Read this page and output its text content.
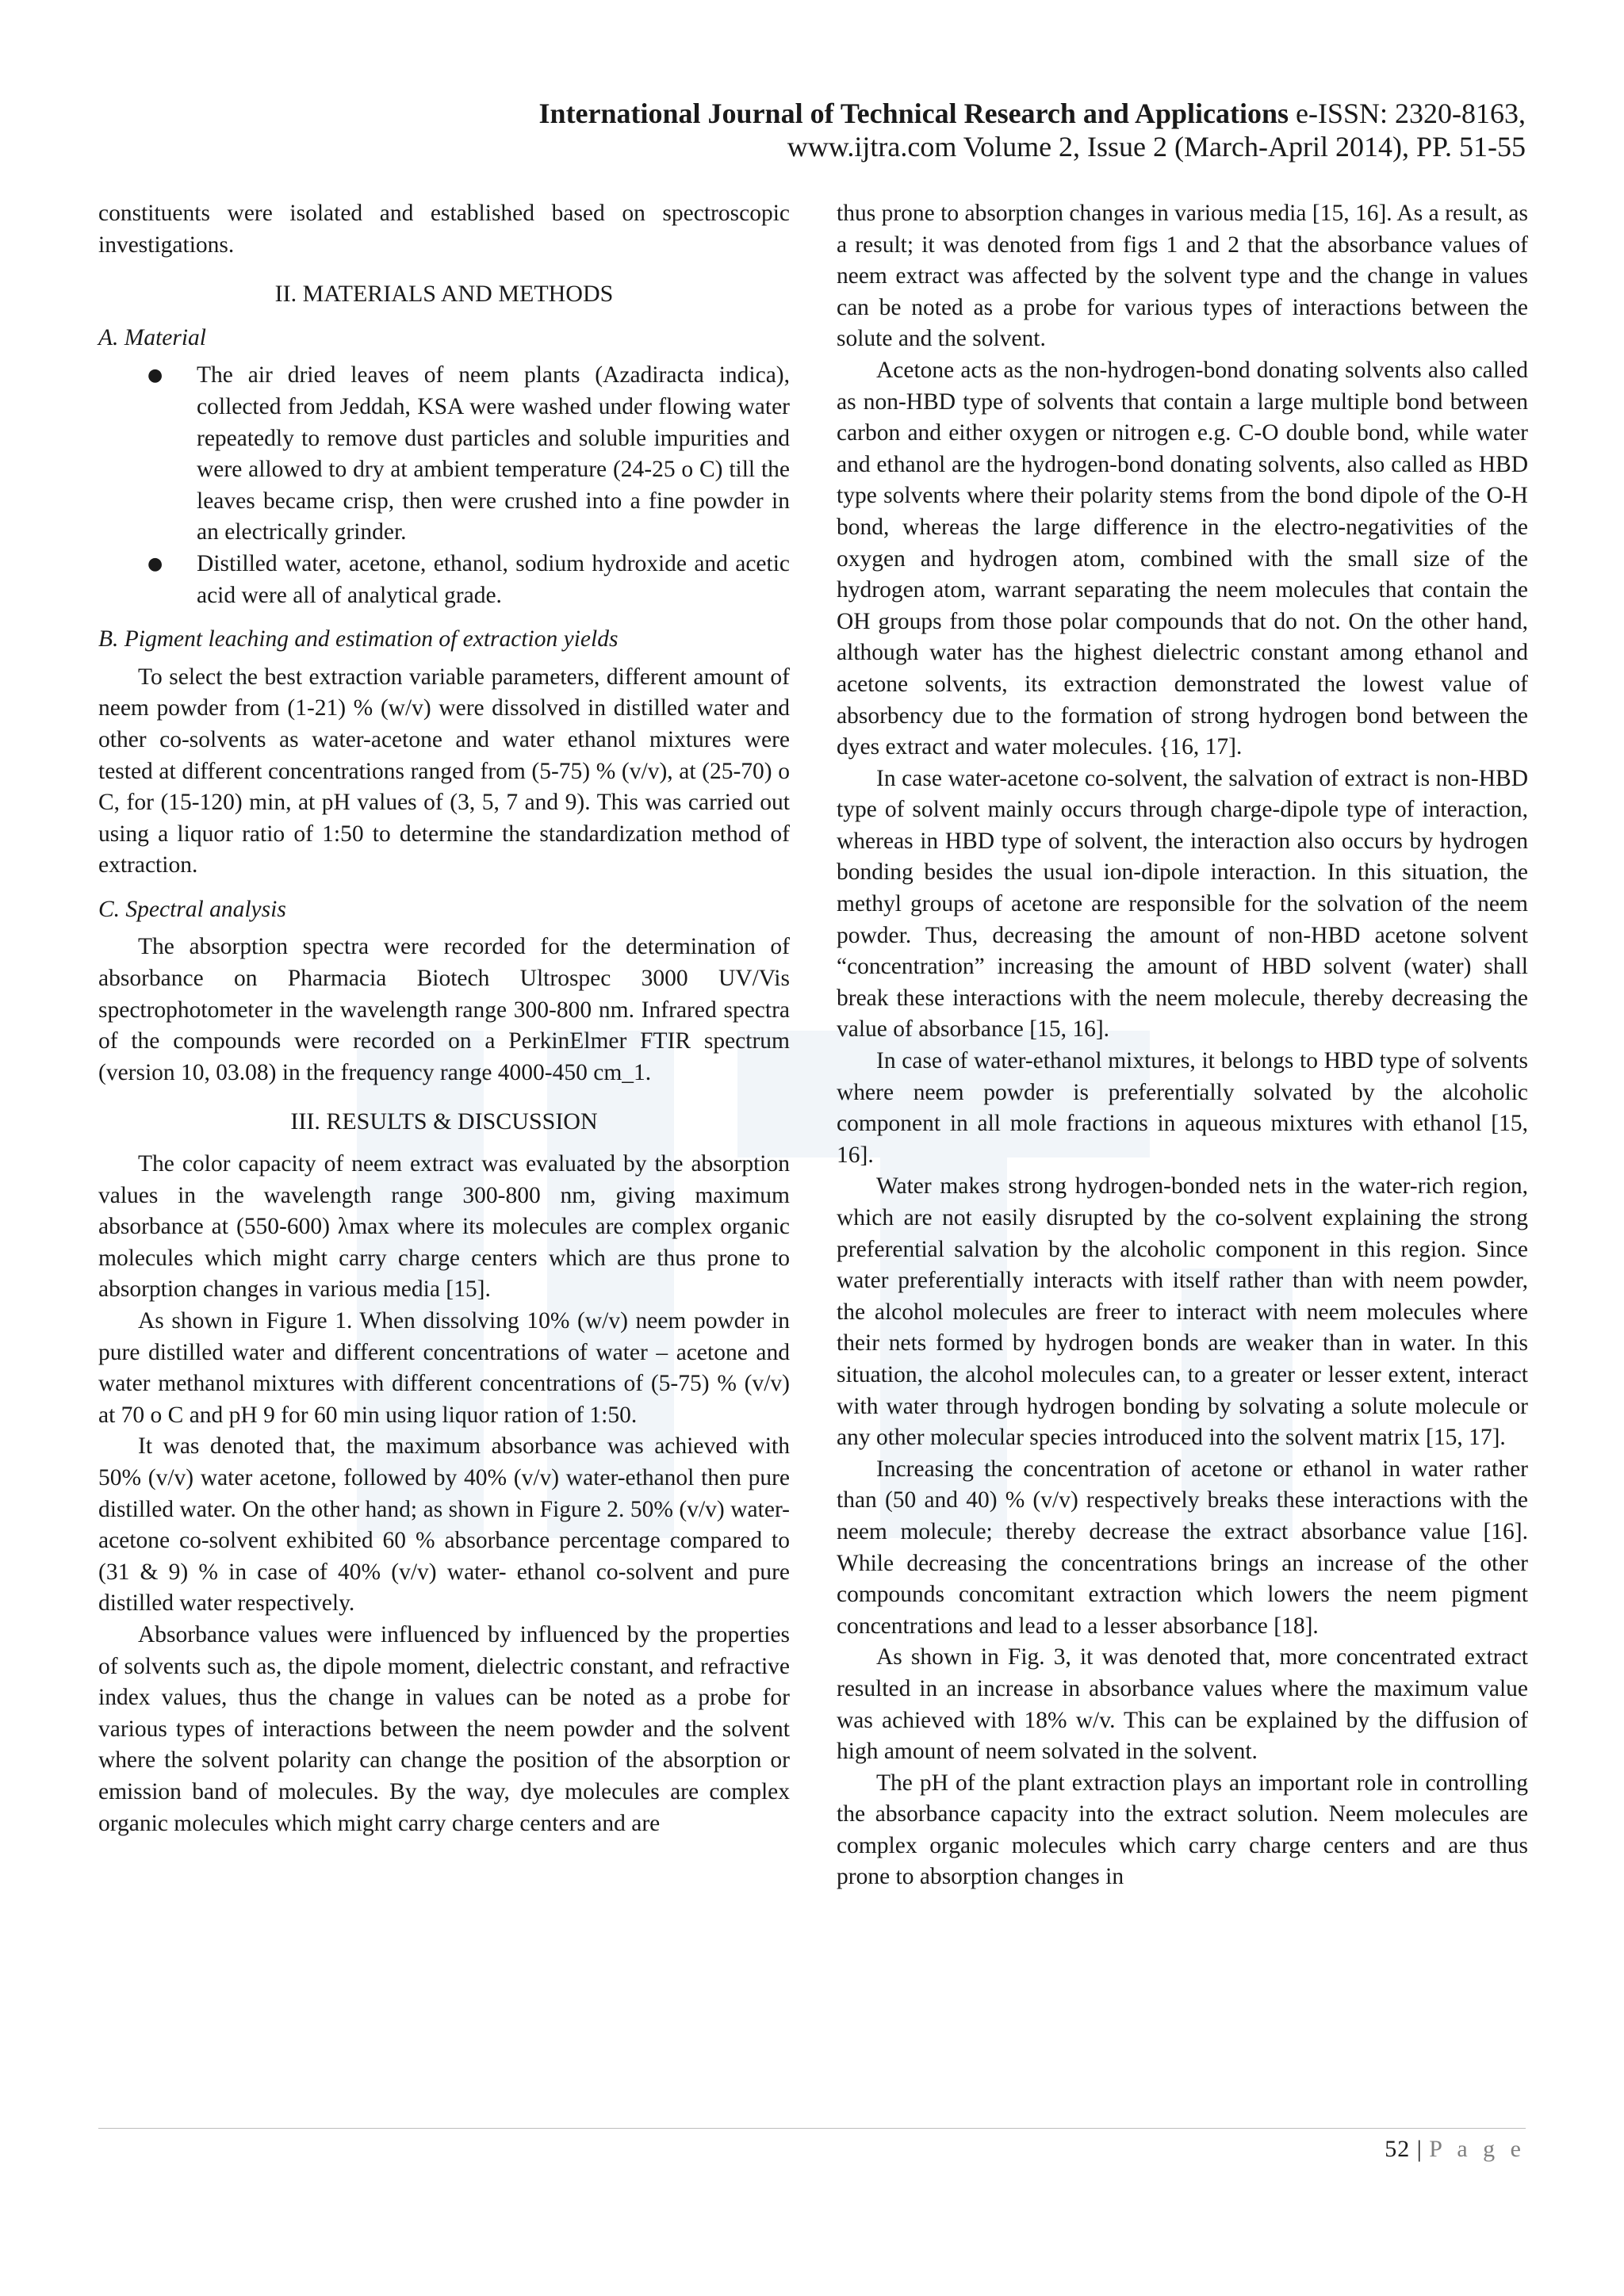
International Journal of Technical Research and Applications e-ISSN: 2320-8163,
www.ijtra.com Volume 2, Issue 2 (March-April 2014), PP. 51-55

constituents were isolated and established based on spectroscopic investigations.

II. MATERIALS AND METHODS
A. Material
● The air dried leaves of neem plants (Azadiracta indica), collected from Jeddah, KSA were washed under flowing water repeatedly to remove dust particles and soluble impurities and were allowed to dry at ambient temperature (24-25 o C) till the leaves became crisp, then were crushed into a fine powder in an electrically grinder.
● Distilled water, acetone, ethanol, sodium hydroxide and acetic acid were all of analytical grade.
B. Pigment leaching and estimation of extraction yields

To select the best extraction variable parameters, different amount of neem powder from (1-21) % (w/v) were dissolved in distilled water and other co-solvents as water-acetone and water ethanol mixtures were tested at different concentrations ranged from (5-75) % (v/v), at (25-70) o C, for (15-120) min, at pH values of (3, 5, 7 and 9). This was carried out using a liquor ratio of 1:50 to determine the standardization method of extraction.

C. Spectral analysis

The absorption spectra were recorded for the determination of absorbance on Pharmacia Biotech Ultrospec 3000 UV/Vis spectrophotometer in the wavelength range 300-800 nm. Infrared spectra of the compounds were recorded on a PerkinElmer FTIR spectrum (version 10, 03.08) in the frequency range 4000-450 cm_1.

III. RESULTS & DISCUSSION

The color capacity of neem extract was evaluated by the absorption values in the wavelength range 300-800 nm, giving maximum absorbance at (550-600) λmax where its molecules are complex organic molecules which might carry charge centers which are thus prone to absorption changes in various media [15].

As shown in Figure 1. When dissolving 10% (w/v) neem powder in pure distilled water and different concentrations of water – acetone and water methanol mixtures with different concentrations of (5-75) % (v/v) at 70 o C and pH 9 for 60 min using liquor ration of 1:50.

It was denoted that, the maximum absorbance was achieved with 50% (v/v) water acetone, followed by 40% (v/v) water-ethanol then pure distilled water. On the other hand; as shown in Figure 2. 50% (v/v) water- acetone co-solvent exhibited 60 % absorbance percentage compared to (31 & 9) % in case of 40% (v/v) water- ethanol co-solvent and pure distilled water respectively.

Absorbance values were influenced by influenced by the properties of solvents such as, the dipole moment, dielectric constant, and refractive index values, thus the change in values can be noted as a probe for various types of interactions between the neem powder and the solvent where the solvent polarity can change the position of the absorption or emission band of molecules. By the way, dye molecules are complex organic molecules which might carry charge centers and are

thus prone to absorption changes in various media [15, 16]. As a result, as a result; it was denoted from figs 1 and 2 that the absorbance values of neem extract was affected by the solvent type and the change in values can be noted as a probe for various types of interactions between the solute and the solvent.

Acetone acts as the non-hydrogen-bond donating solvents also called as non-HBD type of solvents that contain a large multiple bond between carbon and either oxygen or nitrogen e.g. C-O double bond, while water and ethanol are the hydrogen-bond donating solvents, also called as HBD type solvents where their polarity stems from the bond dipole of the O-H bond, whereas the large difference in the electro-negativities of the oxygen and hydrogen atom, combined with the small size of the hydrogen atom, warrant separating the neem molecules that contain the OH groups from those polar compounds that do not. On the other hand, although water has the highest dielectric constant among ethanol and acetone solvents, its extraction demonstrated the lowest value of absorbency due to the formation of strong hydrogen bond between the dyes extract and water molecules. {16, 17].

In case water-acetone co-solvent, the salvation of extract is non-HBD type of solvent mainly occurs through charge-dipole type of interaction, whereas in HBD type of solvent, the interaction also occurs by hydrogen bonding besides the usual ion-dipole interaction. In this situation, the methyl groups of acetone are responsible for the solvation of the neem powder. Thus, decreasing the amount of non-HBD acetone solvent “concentration” increasing the amount of HBD solvent (water) shall break these interactions with the neem molecule, thereby decreasing the value of absorbance [15, 16].

In case of water-ethanol mixtures, it belongs to HBD type of solvents where neem powder is preferentially solvated by the alcoholic component in all mole fractions in aqueous mixtures with ethanol [15, 16].

Water makes strong hydrogen-bonded nets in the water-rich region, which are not easily disrupted by the co-solvent explaining the strong preferential salvation by the alcoholic component in this region. Since water preferentially interacts with itself rather than with neem powder, the alcohol molecules are freer to interact with neem molecules where their nets formed by hydrogen bonds are weaker than in water. In this situation, the alcohol molecules can, to a greater or lesser extent, interact with water through hydrogen bonding by solvating a solute molecule or any other molecular species introduced into the solvent matrix [15, 17].

Increasing the concentration of acetone or ethanol in water rather than (50 and 40) % (v/v) respectively breaks these interactions with the neem molecule; thereby decrease the extract absorbance value [16]. While decreasing the concentrations brings an increase of the other compounds concomitant extraction which lowers the neem pigment concentrations and lead to a lesser absorbance [18].

As shown in Fig. 3, it was denoted that, more concentrated extract resulted in an increase in absorbance values where the maximum value was achieved with 18% w/v. This can be explained by the diffusion of high amount of neem solvated in the solvent.

The pH of the plant extraction plays an important role in controlling the absorbance capacity into the extract solution. Neem molecules are complex organic molecules which carry charge centers and are thus prone to absorption changes in

52 | P a g e
